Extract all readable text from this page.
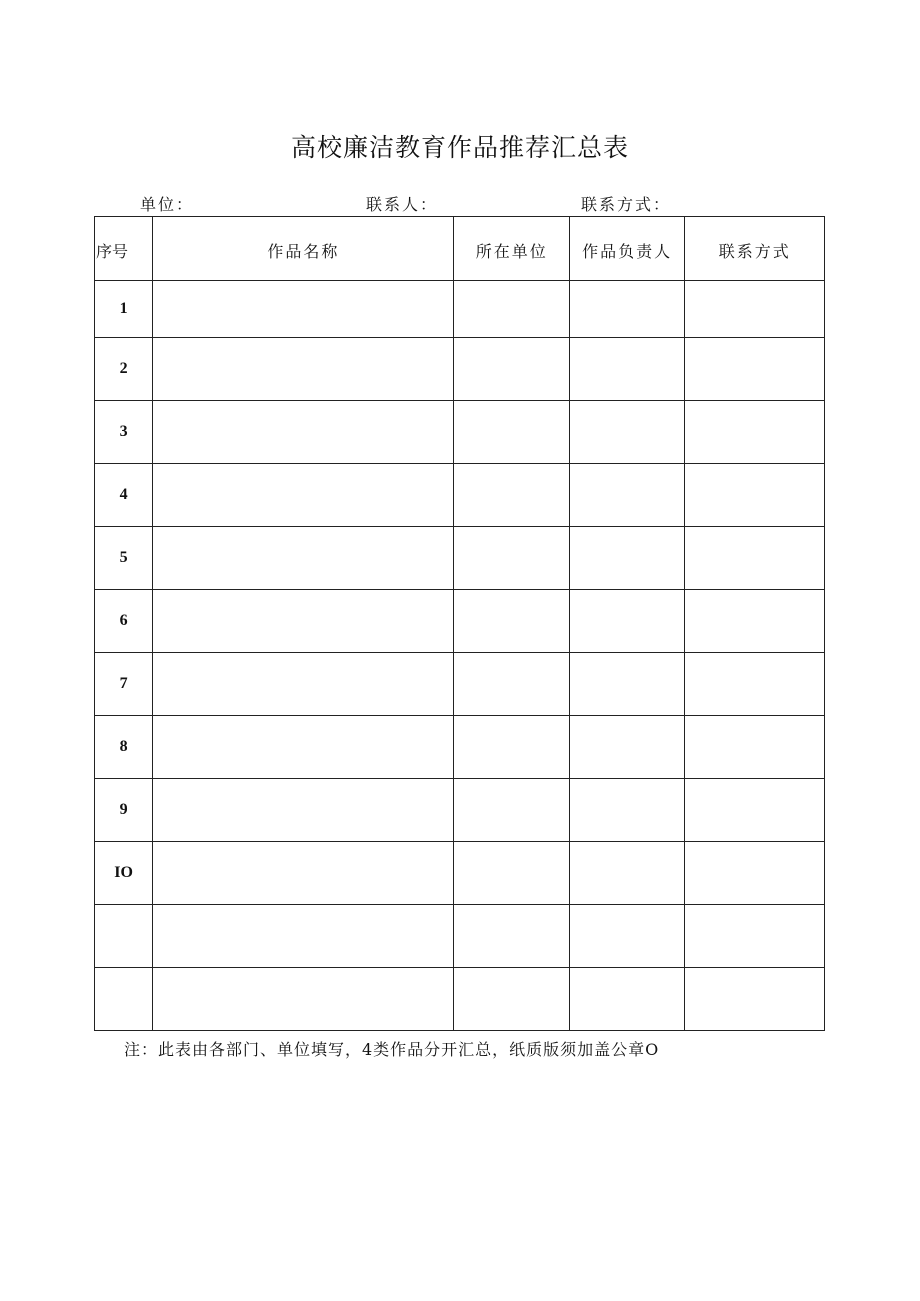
高校廉洁教育作品推荐汇总表
单位：	联系人：	联系方式：
序号	作品名称	所在单位	作品负责人	联系方式
1				
2				
3				
4				
5				
6				
7				
8				
9				
IO				

注：此表由各部门、单位填写，4类作品分开汇总，纸质版须加盖公章O
